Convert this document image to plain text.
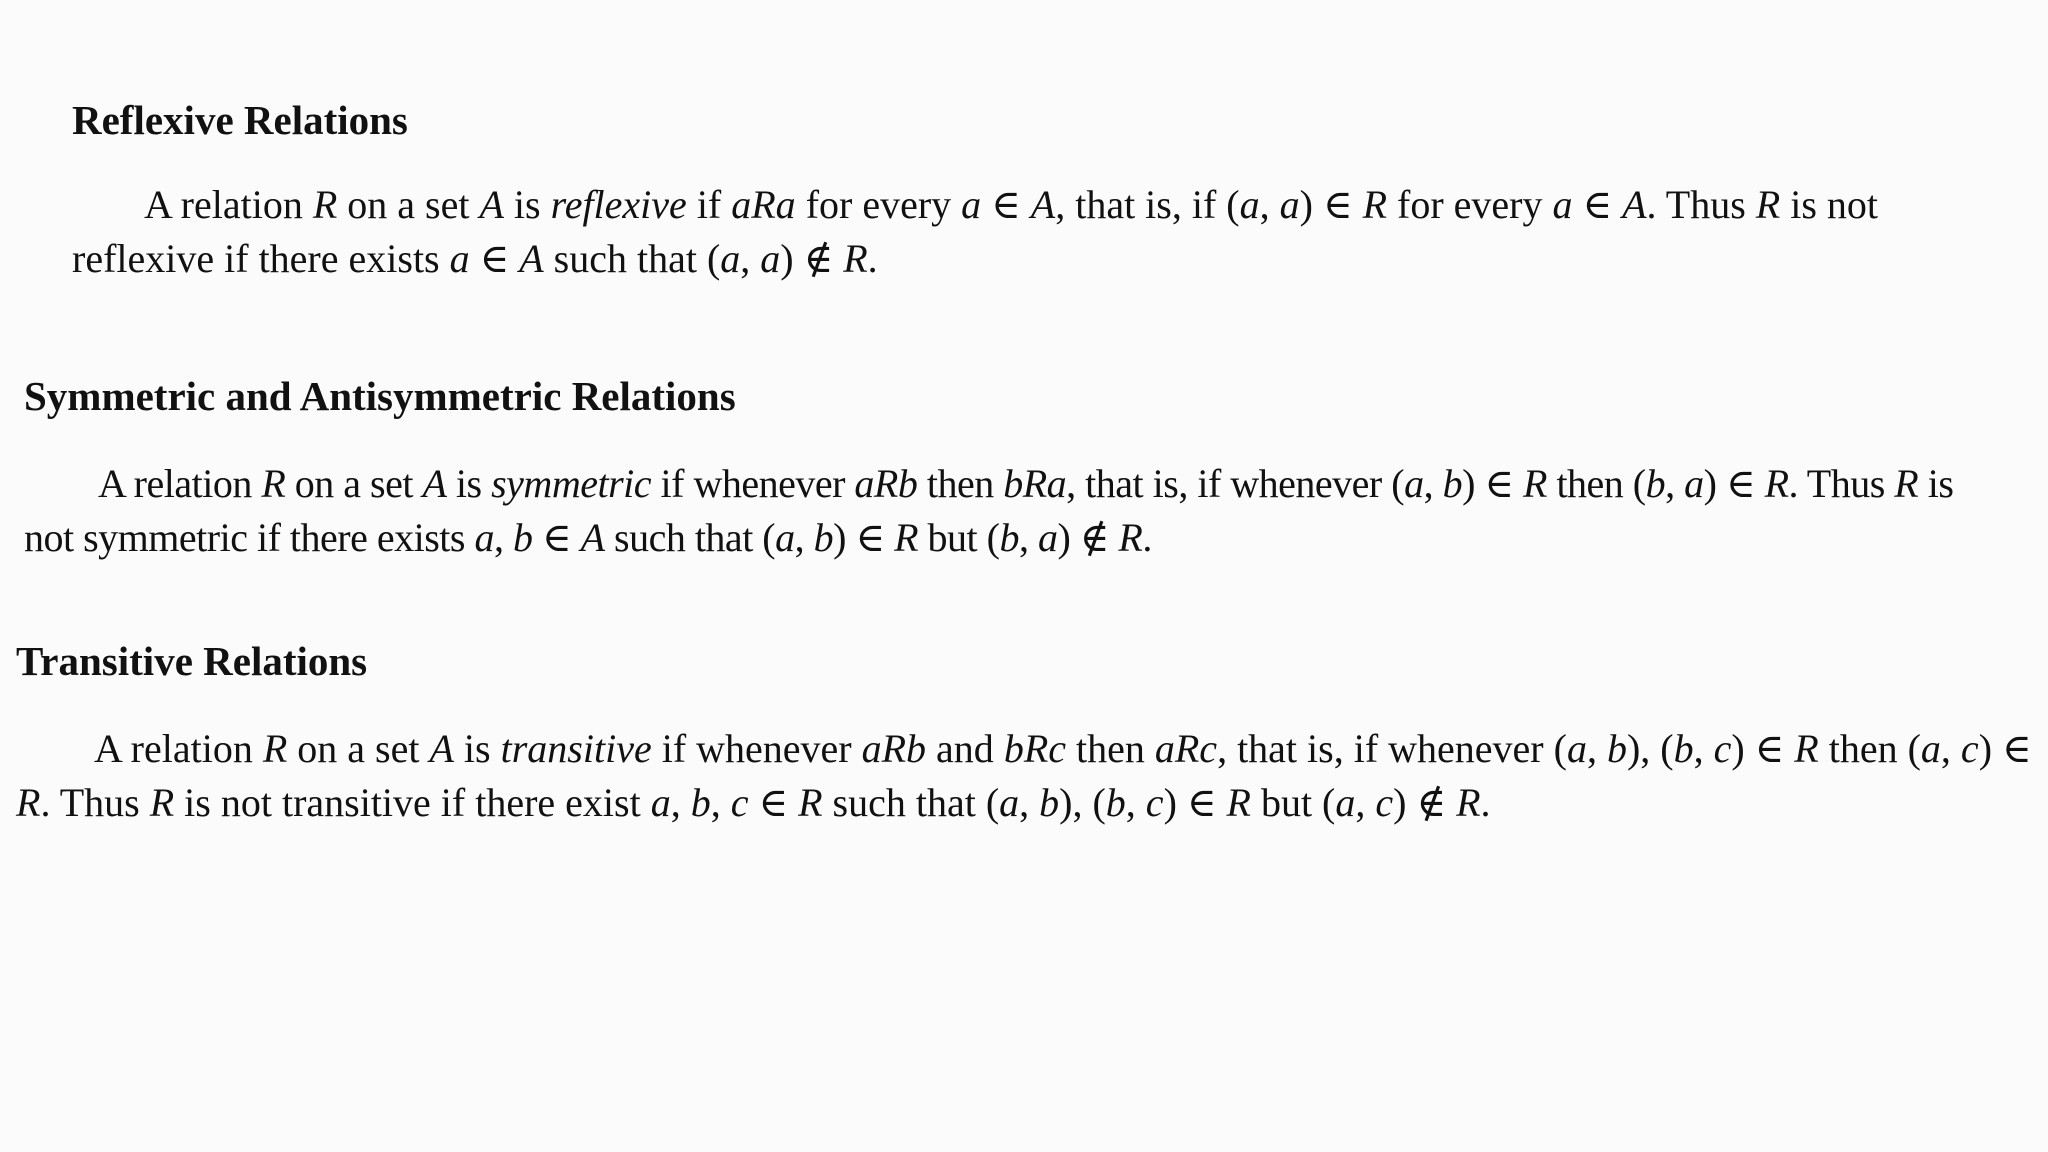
Reflexive Relations

A relation R on a set A is reflexive if aRa for every a ∈ A, that is, if (a, a) ∈ R for every a ∈ A. Thus R is not reflexive if there exists a ∈ A such that (a, a) ∉ R.

Symmetric and Antisymmetric Relations

A relation R on a set A is symmetric if whenever aRb then bRa, that is, if whenever (a, b) ∈ R then (b, a) ∈ R. Thus R is not symmetric if there exists a, b ∈ A such that (a, b) ∈ R but (b, a) ∉ R.

Transitive Relations

A relation R on a set A is transitive if whenever aRb and bRc then aRc, that is, if whenever (a, b), (b, c) ∈ R then (a, c) ∈ R. Thus R is not transitive if there exist a, b, c ∈ R such that (a, b), (b, c) ∈ R but (a, c) ∉ R.
